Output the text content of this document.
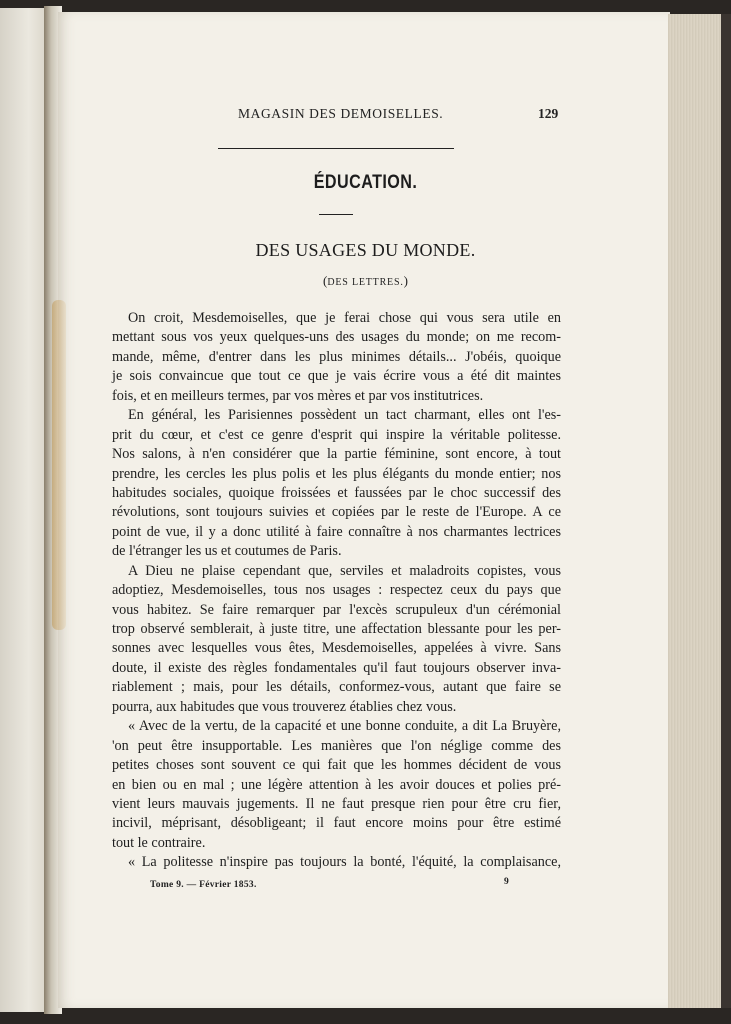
MAGASIN DES DEMOISELLES.	129
ÉDUCATION.
DES USAGES DU MONDE.
(DES LETTRES.)
On croit, Mesdemoiselles, que je ferai chose qui vous sera utile en
mettant sous vos yeux quelques-uns des usages du monde; on me recom-
mande, même, d'entrer dans les plus minimes détails... J'obéis, quoique
je sois convaincue que tout ce que je vais écrire vous a été dit maintes
fois, et en meilleurs termes, par vos mères et par vos institutrices.
En général, les Parisiennes possèdent un tact charmant, elles ont l'es-
prit du cœur, et c'est ce genre d'esprit qui inspire la véritable politesse.
Nos salons, à n'en considérer que la partie féminine, sont encore, à tout
prendre, les cercles les plus polis et les plus élégants du monde entier; nos
habitudes sociales, quoique froissées et faussées par le choc successif des
révolutions, sont toujours suivies et copiées par le reste de l'Europe. A ce
point de vue, il y a donc utilité à faire connaître à nos charmantes lectrices
de l'étranger les us et coutumes de Paris.
A Dieu ne plaise cependant que, serviles et maladroits copistes, vous
adoptiez, Mesdemoiselles, tous nos usages : respectez ceux du pays que
vous habitez. Se faire remarquer par l'excès scrupuleux d'un cérémonial
trop observé semblerait, à juste titre, une affectation blessante pour les per-
sonnes avec lesquelles vous êtes, Mesdemoiselles, appelées à vivre. Sans
doute, il existe des règles fondamentales qu'il faut toujours observer inva-
riablement ; mais, pour les détails, conformez-vous, autant que faire se
pourra, aux habitudes que vous trouverez établies chez vous.
« Avec de la vertu, de la capacité et une bonne conduite, a dit La Bruyère,
'on peut être insupportable. Les manières que l'on néglige comme des
petites choses sont souvent ce qui fait que les hommes décident de vous
en bien ou en mal ; une légère attention à les avoir douces et polies pré-
vient leurs mauvais jugements. Il ne faut presque rien pour être cru fier,
incivil, méprisant, désobligeant; il faut encore moins pour être estimé
tout le contraire.
« La politesse n'inspire pas toujours la bonté, l'équité, la complaisance,
Tome 9. — Février 1853.	9
